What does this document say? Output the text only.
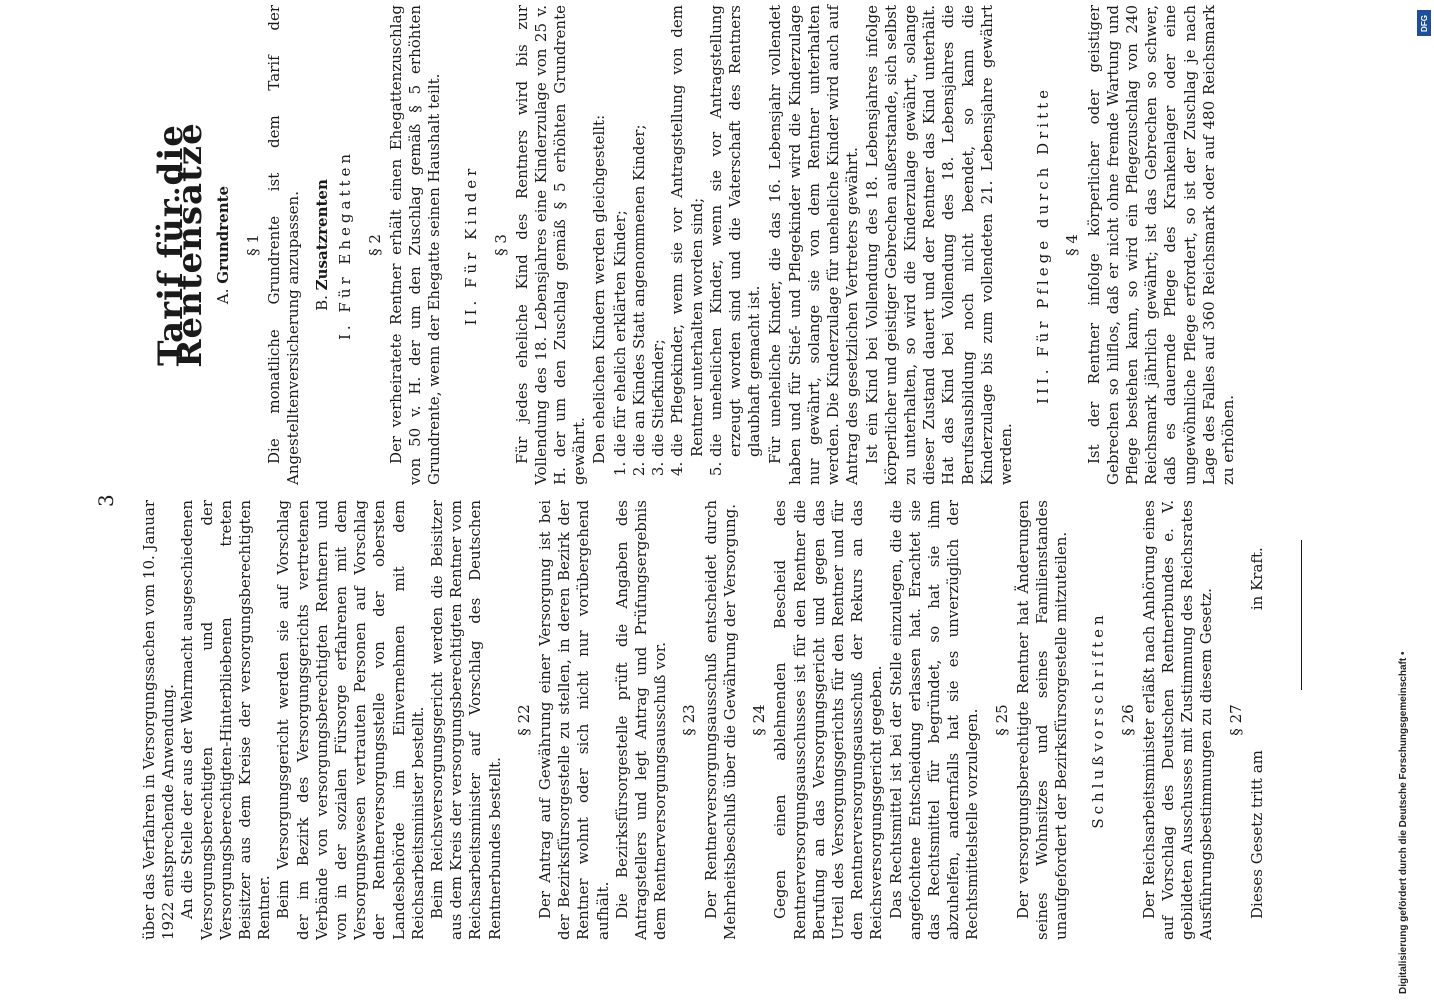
3 über das Verfahren in Versorgungssachen vom 10. Januar 1922 entsprechende Anwendung. An die Stelle der aus der Wehrmacht ausgeschiedenen Versorgungsberechtigten und der Versorgungsberechtigten-Hinterbliebenen treten Beisitzer aus dem Kreise der versorgungsberechtigten Rentner. Beim Versorgungsgericht werden sie auf Vorschlag der im Bezirk des Versorgungsgerichts vertretenen Verbände von versorgungsberechtigten Rentnern und von in der sozialen Fürsorge erfahrenen mit dem Versorgungswesen vertrauten Personen auf Vorschlag der Rentnerversorgungsstelle von der obersten Landesbehörde im Einvernehmen mit dem Reichsarbeitsminister bestellt. Beim Reichsversorgungsgericht werden die Beisitzer aus dem Kreis der versorgungsberechtigten Rentner vom Reichsarbeitsminister auf Vorschlag des Deutschen Rentnerbundes bestellt.

§ 22 Der Antrag auf Gewährung einer Versorgung ist bei der Bezirksfürsorgestelle zu stellen, in deren Bezirk der Rentner wohnt oder sich nicht nur vorübergehend aufhält. Die Bezirksfürsorgestelle prüft die Angaben des Antragstellers und legt Antrag und Prüfungsergebnis dem Rentnerversorgungsausschuß vor. § 23 Der Rentnerversorgungsausschuß entscheidet durch Mehrheitsbeschluß über die Gewährung der Versorgung. § 24 Gegen einen ablehnenden Bescheid des Rentnerversorgungsausschusses ist für den Rentner die Berufung an das Versorgungsgericht und gegen das Urteil des Versorgungsgerichts für den Rentner und für den Rentnerversorgungsausschuß der Rekurs an das Reichsversorgungsgericht gegeben. Das Rechtsmittel ist bei der Stelle einzulegen, die die angefochtene Entscheidung erlassen hat. Erachtet sie das Rechtsmittel für begründet, so hat sie ihm abzuhelfen, andernfalls hat sie es unverzüglich der Rechtsmittelstelle vorzulegen. § 25 Der versorgungsberechtigte Rentner hat Änderungen seines Wohnsitzes und seines Familienstandes unaufgefordert der Bezirksfürsorgestelle mitzuteilen. Schlußvorschriften § 26 Der Reichsarbeitsminister erläßt nach Anhörung eines auf Vorschlag des Deutschen Rentnerbundes e. V. gebildeten Ausschusses mit Zustimmung des Reichsrates Ausführungsbestimmungen zu diesem Gesetz. § 27

Dieses Gesetz tritt amin Kraft.

Tarif für die Rentensätze A. Grundrente § 1 Die monatliche Grundrente ist dem Tarif der Angestelltenversicherung anzupassen. B. Zusatzrenten I. Für Ehegatten § 2 Der verheiratete Rentner erhält einen Ehegattenzuschlag von 50 v. H. der um den Zuschlag gemäß § 5 erhöhten Grundrente, wenn der Ehegatte seinen Haushalt teilt. II. Für Kinder § 3 Für jedes eheliche Kind des Rentners wird bis zur Vollendung des 18. Lebensjahres eine Kinderzulage von 25 v. H. der um den Zuschlag gemäß § 5 erhöhten Grundrente gewährt. Den ehelichen Kindern werden gleichgestellt: 1. die für ehelich erklärten Kinder; 2. die an Kindes Statt angenommenen Kinder; 3. die Stiefkinder; 4. die Pflegekinder, wenn sie vor Antragstellung von dem Rentner unterhalten worden sind; 5. die unehelichen Kinder, wenn sie vor Antragstellung erzeugt worden sind und die Vaterschaft des Rentners glaubhaft gemacht ist. Für uneheliche Kinder, die das 16. Lebensjahr vollendet haben und für Stief- und Pflegekinder wird die Kinderzulage nur gewährt, solange sie von dem Rentner unterhalten werden. Die Kinderzulage für uneheliche Kinder wird auch auf Antrag des gesetzlichen Vertreters gewährt. Ist ein Kind bei Vollendung des 18. Lebensjahres infolge körperlicher und geistiger Gebrechen außerstande, sich selbst zu unterhalten, so wird die Kinderzulage gewährt, solange dieser Zustand dauert und der Rentner das Kind unterhält. Hat das Kind bei Vollendung des 18. Lebensjahres die Berufsausbildung noch nicht beendet, so kann die Kinderzulage bis zum vollendeten 21. Lebensjahre gewährt werden.

III. Für Pflege durch Dritte § 4 Ist der Rentner infolge körperlicher oder geistiger Gebrechen so hilflos, daß er nicht ohne fremde Wartung und Pflege bestehen kann, so wird ein Pflegezuschlag von 240 Reichsmark jährlich gewährt; ist das Gebrechen so schwer, daß es dauernde Pflege des Krankenlager oder eine ungewöhnliche Pflege erfordert, so ist der Zuschlag je nach Lage des Falles auf 360 Reichsmark oder auf 480 Reichsmark zu erhöhen.

Digitalisierung gefördert durch die Deutsche Forschungsgemeinschaft •
DFG
